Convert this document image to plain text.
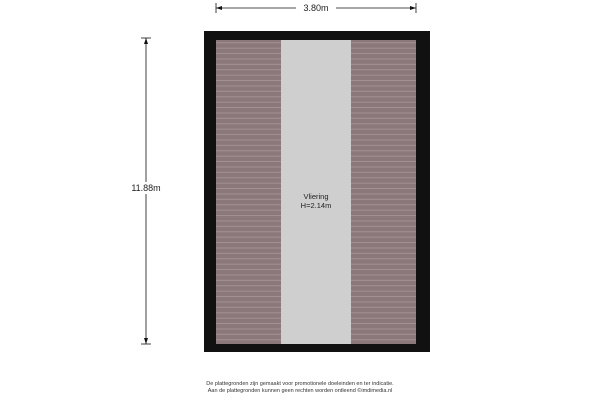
3.80m
11.88m
Vliering
H=2.14m
De plattegronden zijn gemaakt voor promotionele doeleinden en ter indicatie.
Aan de plattegronden kunnen geen rechten worden ontleend ©imdimedia.nl
